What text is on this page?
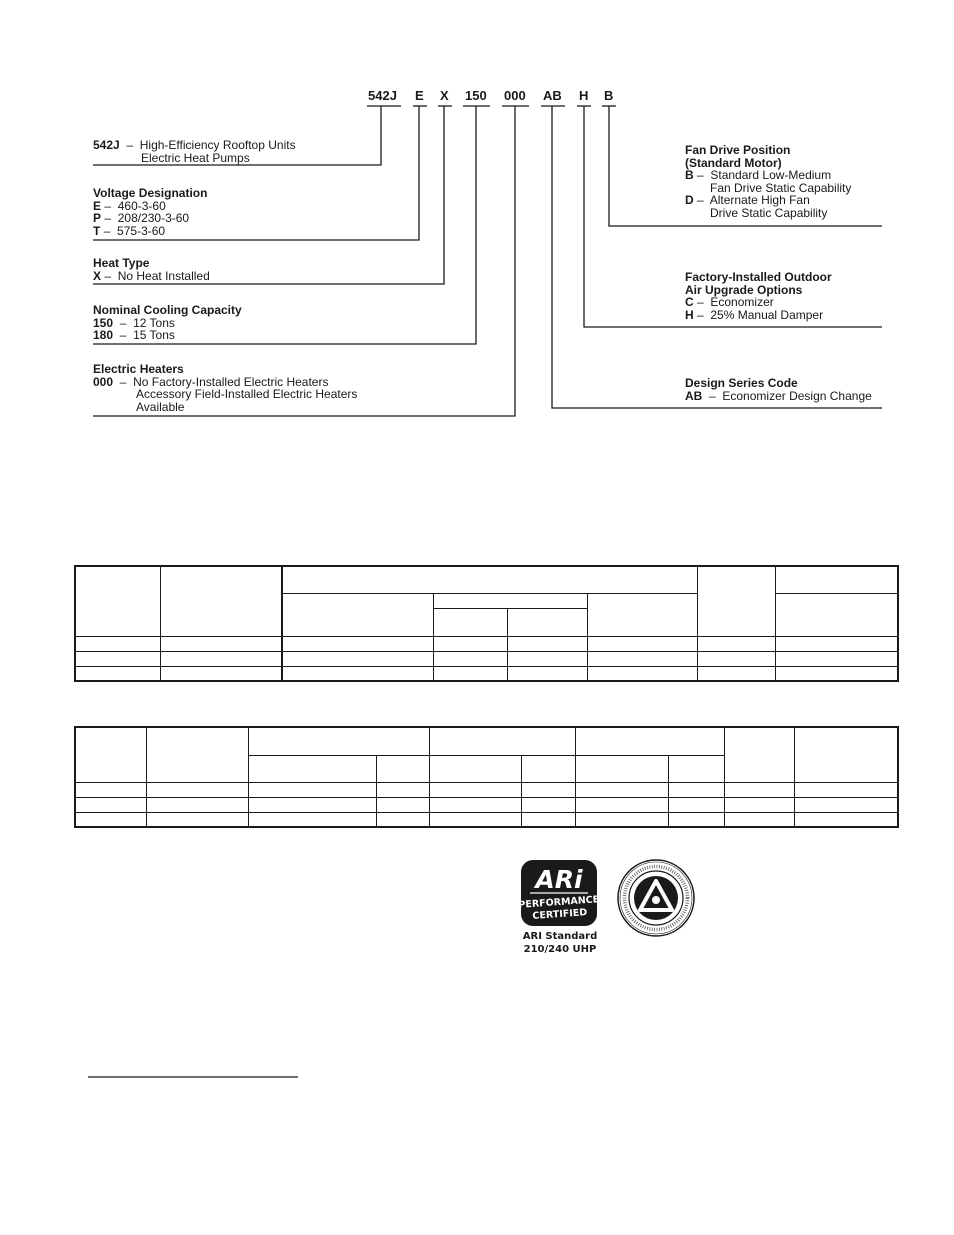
542J E X 150 000 AB H B
542J – High-Efficiency Rooftop Units
Electric Heat Pumps
Voltage Designation
E – 460-3-60
P – 208/230-3-60
T – 575-3-60
Heat Type
X – No Heat Installed
Nominal Cooling Capacity
150 – 12 Tons
180 – 15 Tons
Electric Heaters
000 – No Factory-Installed Electric Heaters
Accessory Field-Installed Electric Heaters
Available
Fan Drive Position
(Standard Motor)
B – Standard Low-Medium
Fan Drive Static Capability
D – Alternate High Fan
Drive Static Capability
Factory-Installed Outdoor
Air Upgrade Options
C – Economizer
H – 25% Manual Damper
Design Series Code
AB – Economizer Design Change

ARi
PERFORMANCE
CERTIFIED ™
ARI Standard
210/240 UHP
